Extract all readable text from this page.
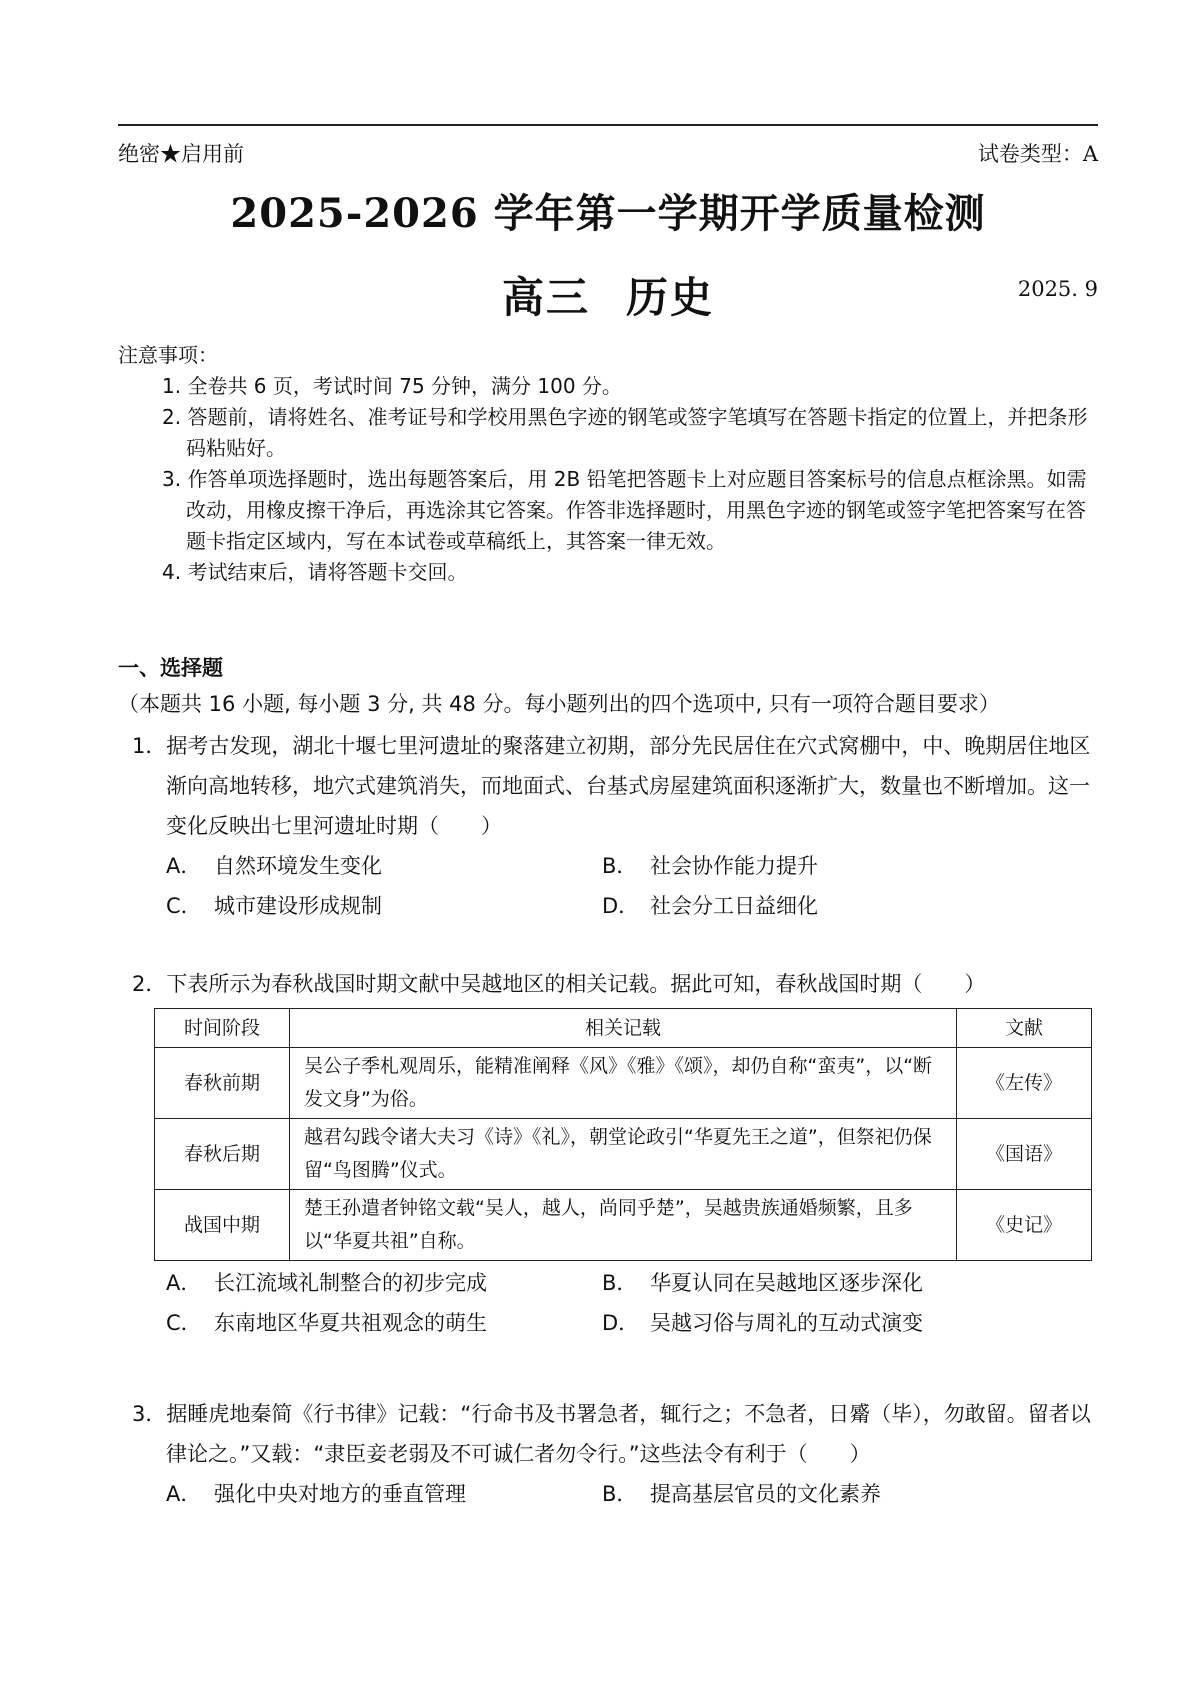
绝密★启用前	试卷类型：A
2025-2026 学年第一学期开学质量检测
高三 历史	2025. 9
注意事项：
1. 全卷共 6 页，考试时间 75 分钟，满分 100 分。
2. 答题前，请将姓名、准考证号和学校用黑色字迹的钢笔或签字笔填写在答题卡指定的位置上，并把条形码粘贴好。
3. 作答单项选择题时，选出每题答案后，用 2B 铅笔把答题卡上对应题目答案标号的信息点框涂黑。如需改动，用橡皮擦干净后，再选涂其它答案。作答非选择题时，用黑色字迹的钢笔或签字笔把答案写在答题卡指定区域内，写在本试卷或草稿纸上，其答案一律无效。
4. 考试结束后，请将答题卡交回。
一、选择题（本题共 16 小题, 每小题 3 分, 共 48 分。每小题列出的四个选项中, 只有一项符合题目要求）

1．据考古发现，湖北十堰七里河遗址的聚落建立初期，部分先民居住在穴式窝棚中，中、晚期居住地区渐向高地转移，地穴式建筑消失，而地面式、台基式房屋建筑面积逐渐扩大，数量也不断增加。这一变化反映出七里河遗址时期（　　）

A． 自然环境发生变化	B． 社会协作能力提升
C． 城市建设形成规制	D． 社会分工日益细化

2．下表所示为春秋战国时期文献中吴越地区的相关记载。据此可知，春秋战国时期（　　）

时间阶段	相关记载	文献
春秋前期	吴公子季札观周乐，能精准阐释《风》《雅》《颂》，却仍自称“蛮夷”，以“断发文身”为俗。	《左传》
春秋后期	越君勾践令诸大夫习《诗》《礼》，朝堂论政引“华夏先王之道”，但祭祀仍保留“鸟图腾”仪式。	《国语》
战国中期	楚王孙遣者钟铭文载“吴人，越人，尚同乎楚”，吴越贵族通婚频繁，且多以“华夏共祖”自称。	《史记》
A． 长江流域礼制整合的初步完成	B． 华夏认同在吴越地区逐步深化
C． 东南地区华夏共祖观念的萌生	D． 吴越习俗与周礼的互动式演变

3．据睡虎地秦简《行书律》记载：“行命书及书署急者，辄行之；不急者，日觱（毕），勿敢留。留者以律论之。”又载：“隶臣妾老弱及不可诚仁者勿令行。”这些法令有利于（　　）

A． 强化中央对地方的垂直管理	B． 提高基层官员的文化素养
